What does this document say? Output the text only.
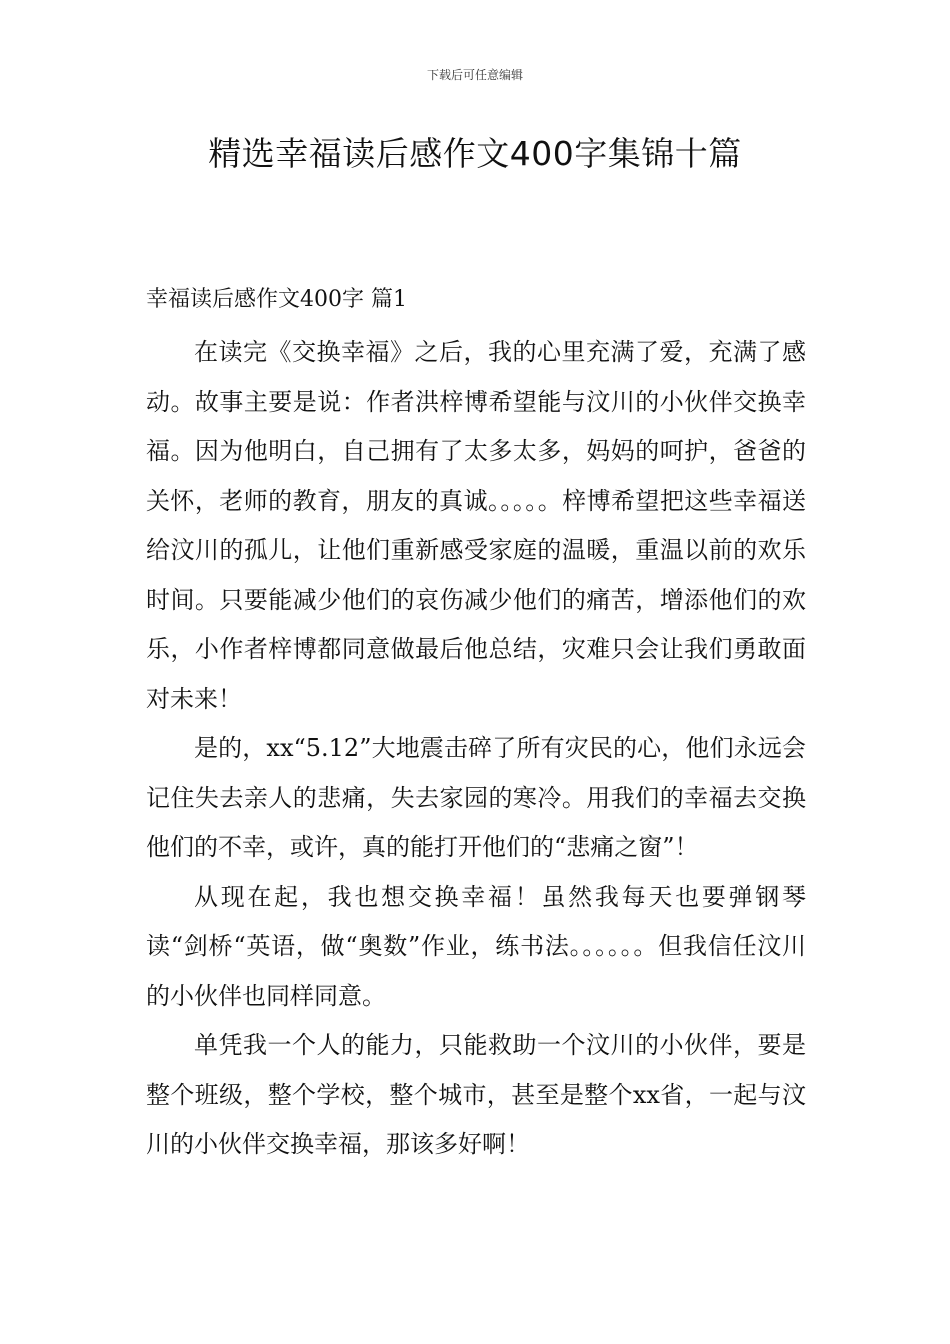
下载后可任意编辑
精选幸福读后感作文400字集锦十篇
幸福读后感作文400字 篇1

在读完《交换幸福》之后，我的心里充满了爱，充满了感动。故事主要是说：作者洪梓博希望能与汶川的小伙伴交换幸福。因为他明白，自己拥有了太多太多，妈妈的呵护，爸爸的关怀，老师的教育，朋友的真诚。。。。。梓博希望把这些幸福送给汶川的孤儿，让他们重新感受家庭的温暖，重温以前的欢乐时间。只要能减少他们的哀伤减少他们的痛苦，增添他们的欢乐，小作者梓博都同意做最后他总结，灾难只会让我们勇敢面对未来！

是的，xx“5.12”大地震击碎了所有灾民的心，他们永远会记住失去亲人的悲痛，失去家园的寒冷。用我们的幸福去交换他们的不幸，或许，真的能打开他们的“悲痛之窗”！

从现在起，我也想交换幸福！虽然我每天也要弹钢琴读“剑桥“英语，做“奥数”作业，练书法。。。。。。但我信任汶川的小伙伴也同样同意。

单凭我一个人的能力，只能救助一个汶川的小伙伴，要是整个班级，整个学校，整个城市，甚至是整个xx省，一起与汶川的小伙伴交换幸福，那该多好啊！
